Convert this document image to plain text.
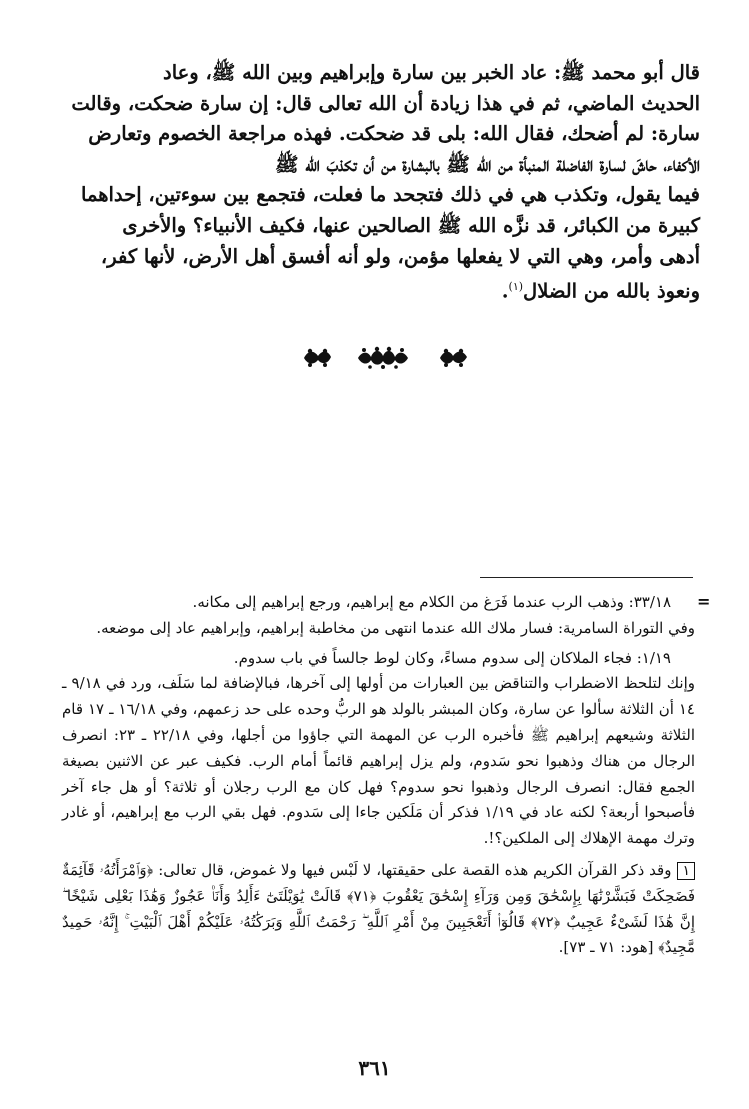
قال أبو محمد ﷺ: عاد الخبر بين سارة وإبراهيم وبين الله ﷺ، وعاد
الحديث الماضي، ثم في هذا زيادة أن الله تعالى قال: إن سارة ضحكت، وقالت
سارة: لم أضحك، فقال الله: بلى قد ضحكت. فهذه مراجعة الخصوم وتعارض
الأكفاء، حاشَ لسارة الفاضلة المنبأة من الله ﷺ بالبشارة من أن تكذبَ الله ﷺ
فيما يقول، وتكذب هي في ذلك فتجحد ما فعلت، فتجمع بين سوءتين، إحداهما
كبيرة من الكبائر، قد نزَّه الله ﷺ الصالحين عنها، فكيف الأنبياء؟ والأخرى
أدهى وأمر، وهي التي لا يفعلها مؤمن، ولو أنه أفسق أهل الأرض، لأنها كفر،
ونعوذ بالله من الضلال$^{(١)}$.
=

٣٣/١٨: وذهب الرب عندما فَرَغ من الكلام مع إبراهيم، ورجع إبراهيم إلى مكانه.

وفي التوراة السامرية: فسار ملاك الله عندما انتهى من مخاطبة إبراهيم، وإبراهيم عاد إلى موضعه.

١/١٩: فجاء الملاكان إلى سدوم مساءً، وكان لوط جالساً في باب سدوم.

وإنك لتلحظ الاضطراب والتناقض بين العبارات من أولها إلى آخرها، فبالإضافة لما سَلَف، ورد في ٩/١٨ ـ ١٤ أن الثلاثة سألوا عن سارة، وكان المبشر بالولد هو الربُّ وحده على حد زعمهم، وفي ١٦/١٨ ـ ١٧ قام الثلاثة وشيعهم إبراهيم ﷺ فأخبره الرب عن المهمة التي جاؤوا من أجلها، وفي ٢٢/١٨ ـ ٢٣: انصرف الرجال من هناك وذهبوا نحو سَدوم، ولم يزل إبراهيم قائماً أمام الرب. فكيف عبر عن الاثنين بصيغة الجمع فقال: انصرف الرجال وذهبوا نحو سدوم؟ فهل كان مع الرب رجلان أو ثلاثة؟ أو هل جاء آخر فأصبحوا أربعة؟ لكنه عاد في ١/١٩ فذكر أن مَلَكين جاءا إلى سَدوم. فهل بقي الرب مع إبراهيم، أو غادر وترك مهمة الإهلاك إلى الملكين؟!.

١وقد ذكر القرآن الكريم هذه القصة على حقيقتها، لا لَبْس فيها ولا غموض، قال تعالى: ﴿وَٱمْرَأَتُهُۥ قَآئِمَةٌ فَضَحِكَتْ فَبَشَّرْنَٰهَا بِإِسْحَٰقَ وَمِن وَرَآءِ إِسْحَٰقَ يَعْقُوبَ ﴿٧١﴾ قَالَتْ يَٰوَيْلَتَىٰٓ ءَأَلِدُ وَأَنَا۠ عَجُوزٌ وَهَٰذَا بَعْلِى شَيْخًا ۖ إِنَّ هَٰذَا لَشَىْءٌ عَجِيبٌ ﴿٧٢﴾ قَالُوٓا۟ أَتَعْجَبِينَ مِنْ أَمْرِ ٱللَّهِ ۖ رَحْمَتُ ٱللَّهِ وَبَرَكَٰتُهُۥ عَلَيْكُمْ أَهْلَ ٱلْبَيْتِ ۚ إِنَّهُۥ حَمِيدٌ مَّجِيدٌ﴾ [هود: ٧١ ـ ٧٣].

٣٦١
